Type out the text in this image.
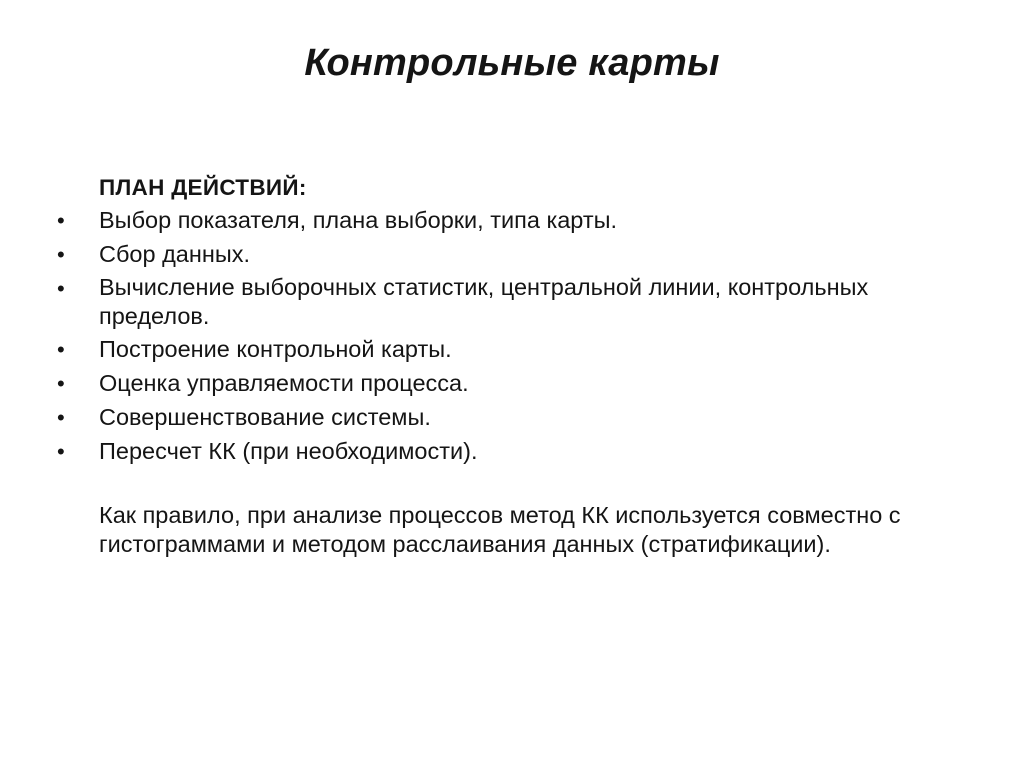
Контрольные карты
ПЛАН ДЕЙСТВИЙ:
• Выбор показателя, плана выборки, типа карты.
• Сбор данных.
• Вычисление выборочных статистик, центральной линии, контрольных пределов.
• Построение контрольной карты.
• Оценка управляемости процесса.
• Совершенствование системы.
• Пересчет КК (при необходимости).
Как правило, при анализе процессов метод КК используется совместно с гистограммами и методом расслаивания данных (стратификации).
